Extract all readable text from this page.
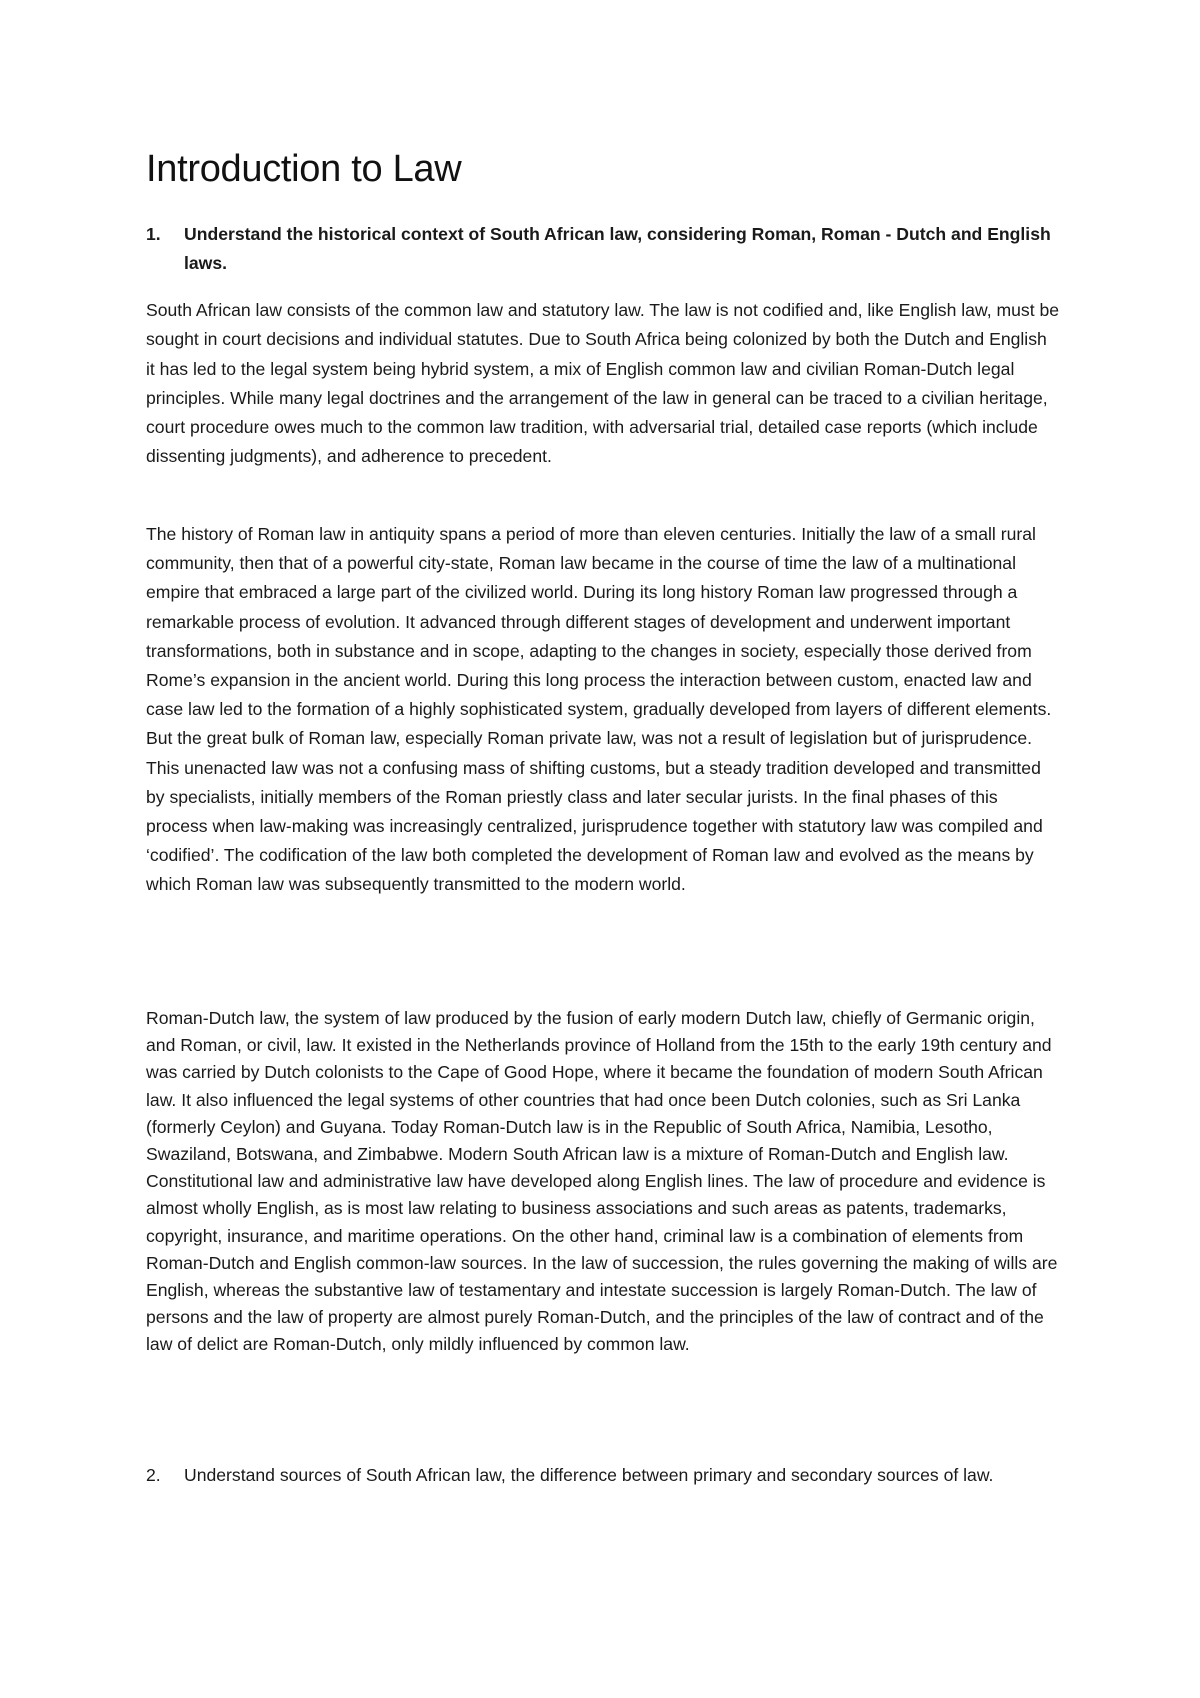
Introduction to Law
1. Understand the historical context of South African law, considering Roman, Roman - Dutch and English laws.

South African law consists of the common law and statutory law. The law is not codified and, like English law, must be sought in court decisions and individual statutes. Due to South Africa being colonized by both the Dutch and English it has led to the legal system being hybrid system, a mix of English common law and civilian Roman-Dutch legal principles. While many legal doctrines and the arrangement of the law in general can be traced to a civilian heritage, court procedure owes much to the common law tradition, with adversarial trial, detailed case reports (which include dissenting judgments), and adherence to precedent.

The history of Roman law in antiquity spans a period of more than eleven centuries. Initially the law of a small rural community, then that of a powerful city-state, Roman law became in the course of time the law of a multinational empire that embraced a large part of the civilized world. During its long history Roman law progressed through a remarkable process of evolution. It advanced through different stages of development and underwent important transformations, both in substance and in scope, adapting to the changes in society, especially those derived from Rome’s expansion in the ancient world. During this long process the interaction between custom, enacted law and case law led to the formation of a highly sophisticated system, gradually developed from layers of different elements. But the great bulk of Roman law, especially Roman private law, was not a result of legislation but of jurisprudence. This unenacted law was not a confusing mass of shifting customs, but a steady tradition developed and transmitted by specialists, initially members of the Roman priestly class and later secular jurists. In the final phases of this process when law-making was increasingly centralized, jurisprudence together with statutory law was compiled and ‘codified’. The codification of the law both completed the development of Roman law and evolved as the means by which Roman law was subsequently transmitted to the modern world.

Roman-Dutch law, the system of law produced by the fusion of early modern Dutch law, chiefly of Germanic origin, and Roman, or civil, law. It existed in the Netherlands province of Holland from the 15th to the early 19th century and was carried by Dutch colonists to the Cape of Good Hope, where it became the foundation of modern South African law. It also influenced the legal systems of other countries that had once been Dutch colonies, such as Sri Lanka (formerly Ceylon) and Guyana. Today Roman-Dutch law is in the Republic of South Africa, Namibia, Lesotho, Swaziland, Botswana, and Zimbabwe. Modern South African law is a mixture of Roman-Dutch and English law. Constitutional law and administrative law have developed along English lines. The law of procedure and evidence is almost wholly English, as is most law relating to business associations and such areas as patents, trademarks, copyright, insurance, and maritime operations. On the other hand, criminal law is a combination of elements from Roman-Dutch and English common-law sources. In the law of succession, the rules governing the making of wills are English, whereas the substantive law of testamentary and intestate succession is largely Roman-Dutch. The law of persons and the law of property are almost purely Roman-Dutch, and the principles of the law of contract and of the law of delict are Roman-Dutch, only mildly influenced by common law.

2. Understand sources of South African law, the difference between primary and secondary sources of law.
